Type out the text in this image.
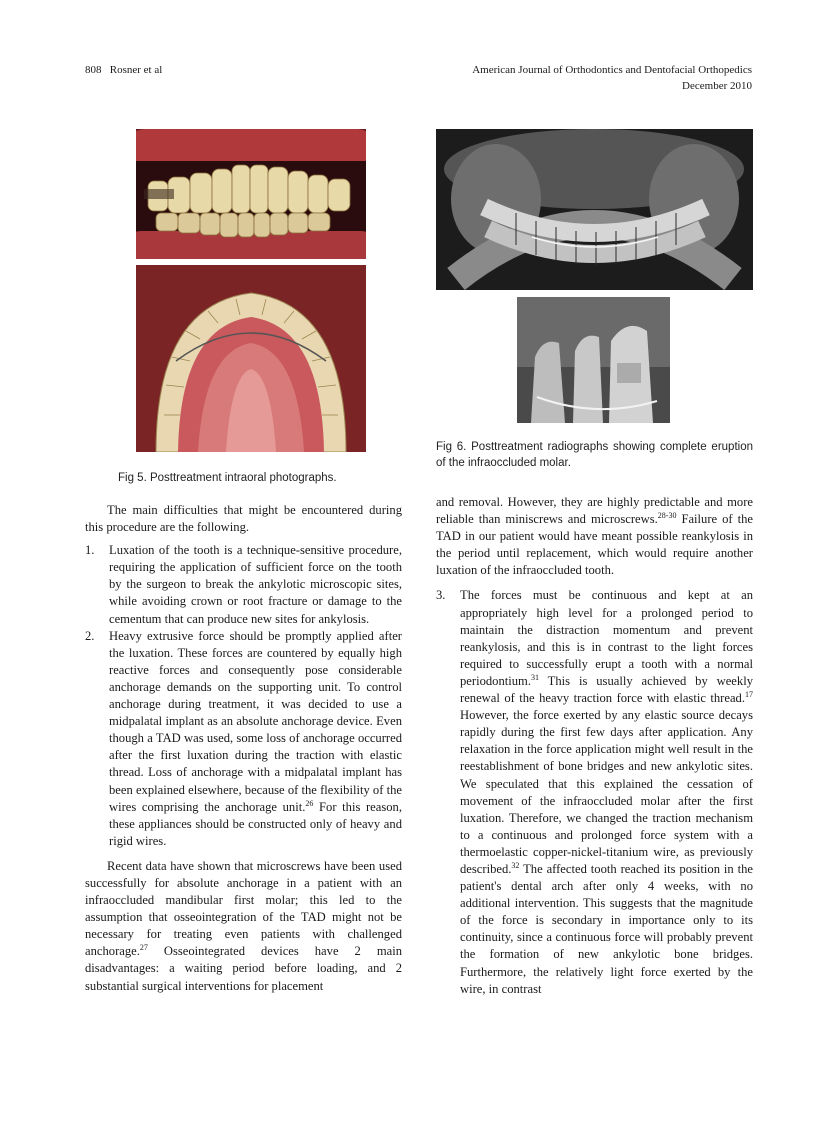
808   Rosner et al	American Journal of Orthodontics and Dentofacial Orthopedics
December 2010
Fig 5. Posttreatment intraoral photographs.
Fig 6. Posttreatment radiographs showing complete eruption of the infraoccluded molar.

The main difficulties that might be encountered during this procedure are the following.

1. Luxation of the tooth is a technique-sensitive procedure, requiring the application of sufficient force on the tooth by the surgeon to break the ankylotic microscopic sites, while avoiding crown or root fracture or damage to the cementum that can produce new sites for ankylosis.
2. Heavy extrusive force should be promptly applied after the luxation. These forces are countered by equally high reactive forces and consequently pose considerable anchorage demands on the supporting unit. To control anchorage during treatment, it was decided to use a midpalatal implant as an absolute anchorage device. Even though a TAD was used, some loss of anchorage occurred after the first luxation during the traction with elastic thread. Loss of anchorage with a midpalatal implant has been explained elsewhere, because of the flexibility of the wires comprising the anchorage unit.$^{26}$ For this reason, these appliances should be constructed only of heavy and rigid wires.

Recent data have shown that microscrews have been used successfully for absolute anchorage in a patient with an infraoccluded mandibular first molar; this led to the assumption that osseointegration of the TAD might not be necessary for treating even patients with challenged anchorage.$^{27}$ Osseointegrated devices have 2 main disadvantages: a waiting period before loading, and 2 substantial surgical interventions for placement

and removal. However, they are highly predictable and more reliable than miniscrews and microscrews.$^{28-30}$ Failure of the TAD in our patient would have meant possible reankylosis in the period until replacement, which would require another luxation of the infraoccluded tooth.

3. The forces must be continuous and kept at an appropriately high level for a prolonged period to maintain the distraction momentum and prevent reankylosis, and this is in contrast to the light forces required to successfully erupt a tooth with a normal periodontium.$^{31}$ This is usually achieved by weekly renewal of the heavy traction force with elastic thread.$^{17}$ However, the force exerted by any elastic source decays rapidly during the first few days after application. Any relaxation in the force application might well result in the reestablishment of bone bridges and new ankylotic sites. We speculated that this explained the cessation of movement of the infraoccluded molar after the first luxation. Therefore, we changed the traction mechanism to a continuous and prolonged force system with a thermoelastic copper-nickel-titanium wire, as previously described.$^{32}$ The affected tooth reached its position in the patient's dental arch after only 4 weeks, with no additional intervention. This suggests that the magnitude of the force is secondary in importance only to its continuity, since a continuous force will probably prevent the formation of new ankylotic bone bridges. Furthermore, the relatively light force exerted by the wire, in contrast
